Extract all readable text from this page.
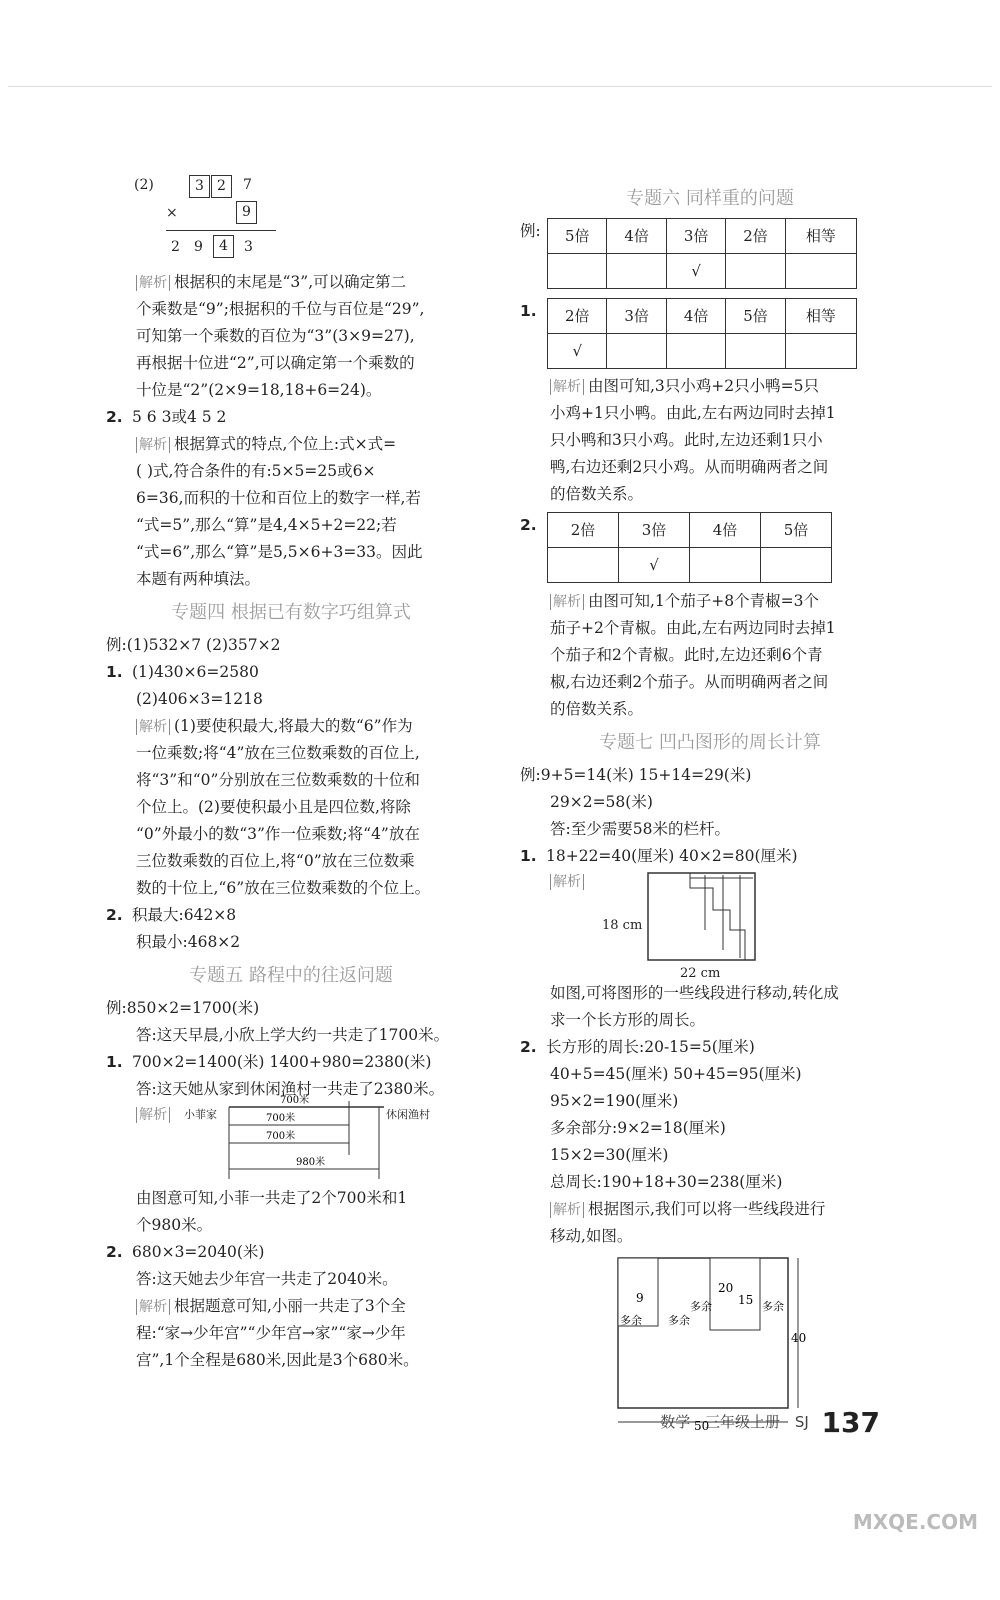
(2)	3 2	7
×	9
2 9	4	3
解析 根据积的末尾是“3”,可以确定第二
个乘数是“9”;根据积的千位与百位是“29”,
可知第一个乘数的百位为“3”(3×9=27),
再根据十位进“2”,可以确定第一个乘数的
十位是“2”(2×9=18,18+6=24)。
2. 5 6 3或4 5 2
解析 根据算式的特点,个位上:式×式=
( )式,符合条件的有:5×5=25或6×
6=36,而积的十位和百位上的数字一样,若
“式=5”,那么“算”是4,4×5+2=22;若
“式=6”,那么“算”是5,5×6+3=33。因此
本题有两种填法。
专题四 根据已有数字巧组算式
例:(1)532×7 (2)357×2
1. (1)430×6=2580
(2)406×3=1218
解析 (1)要使积最大,将最大的数“6”作为
一位乘数;将“4”放在三位数乘数的百位上,
将“3”和“0”分别放在三位数乘数的十位和
个位上。(2)要使积最小且是四位数,将除
“0”外最小的数“3”作一位乘数;将“4”放在
三位数乘数的百位上,将“0”放在三位数乘
数的十位上,“6”放在三位数乘数的个位上。
2. 积最大:642×8
积最小:468×2
专题五 路程中的往返问题
例:850×2=1700(米)
答:这天早晨,小欣上学大约一共走了1700米。
1. 700×2=1400(米) 1400+980=2380(米)
答:这天她从家到休闲渔村一共走了2380米。
解析 小菲家	休闲渔村
700米
700米
700米
980米
由图意可知,小菲一共走了2个700米和1
个980米。
2. 680×3=2040(米)
答:这天她去少年宫一共走了2040米。
解析 根据题意可知,小丽一共走了3个全
程:“家→少年宫”“少年宫→家”“家→少年
宫”,1个全程是680米,因此是3个680米。
专题六 同样重的问题
例: 5倍	4倍	3倍	2倍	相等
		√		
1.	2倍	3倍	4倍	5倍	相等
√				
解析 由图可知,3只小鸡+2只小鸭=5只
小鸡+1只小鸭。由此,左右两边同时去掉1
只小鸭和3只小鸡。此时,左边还剩1只小
鸭,右边还剩2只小鸡。从而明确两者之间
的倍数关系。
2.	2倍	3倍	4倍	5倍
	√		
解析 由图可知,1个茄子+8个青椒=3个
茄子+2个青椒。由此,左右两边同时去掉1
个茄子和2个青椒。此时,左边还剩6个青
椒,右边还剩2个茄子。从而明确两者之间
的倍数关系。
专题七 凹凸图形的周长计算
例:9+5=14(米) 15+14=29(米)
29×2=58(米)
答:至少需要58米的栏杆。
1. 18+22=40(厘米) 40×2=80(厘米)
解析
18 cm
22 cm
如图,可将图形的一些线段进行移动,转化成
求一个长方形的周长。
2. 长方形的周长:20-15=5(厘米)
40+5=45(厘米) 50+45=95(厘米)
95×2=190(厘米)
多余部分:9×2=18(厘米)
15×2=30(厘米)
总周长:190+18+30=238(厘米)
解析 根据图示,我们可以将一些线段进行
移动,如图。
9
20
15
40
50
多余 多余
多余	多余
数学 三年级上册 SJ 137
MXQE.COM
